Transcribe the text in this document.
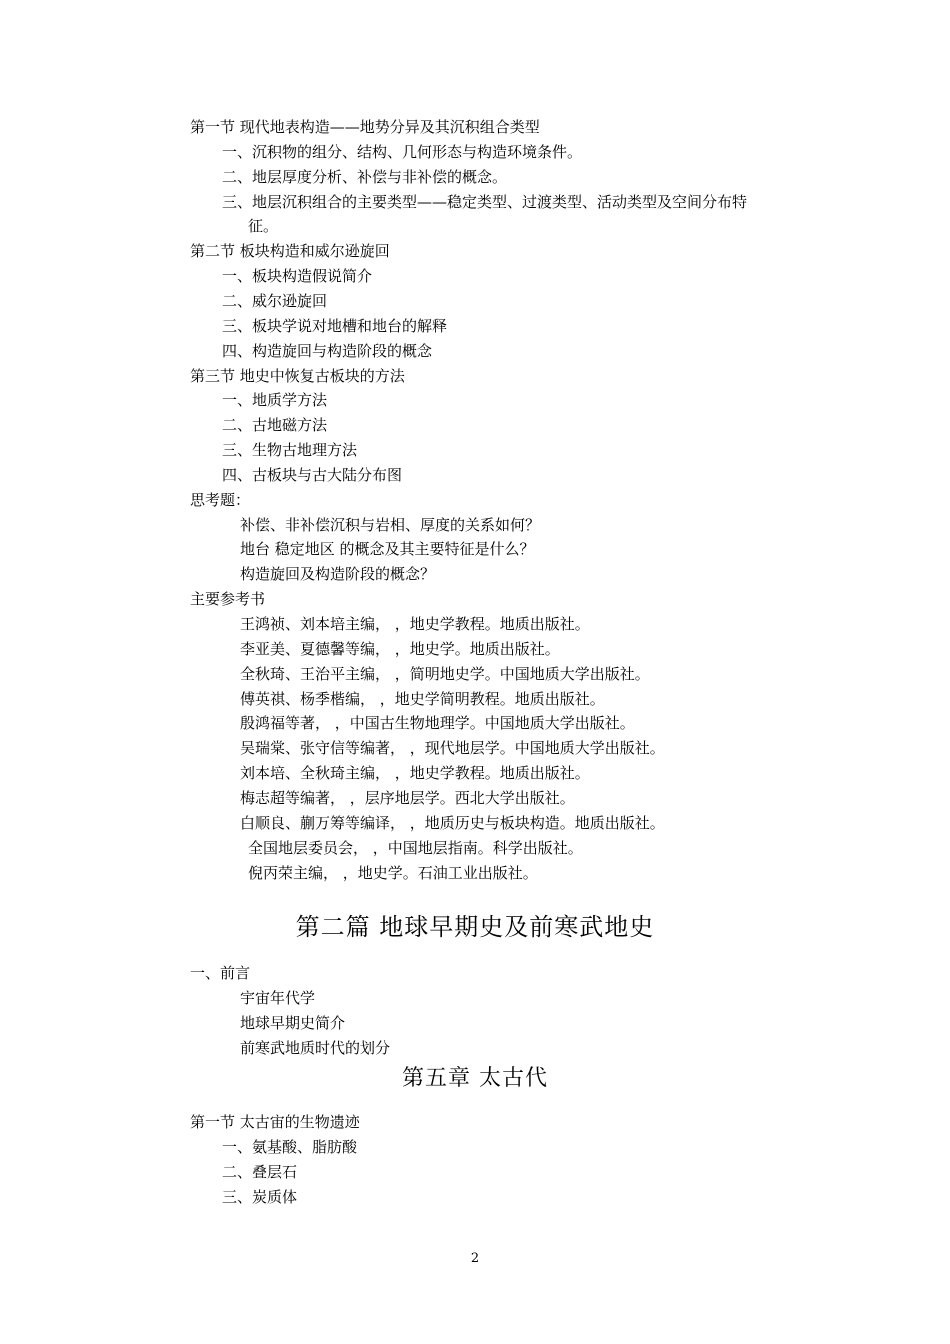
第一节 现代地表构造——地势分异及其沉积组合类型
一、沉积物的组分、结构、几何形态与构造环境条件。
二、地层厚度分析、补偿与非补偿的概念。
三、地层沉积组合的主要类型——稳定类型、过渡类型、活动类型及空间分布特
征。
第二节 板块构造和威尔逊旋回
一、板块构造假说简介
二、威尔逊旋回
三、板块学说对地槽和地台的解释
四、构造旋回与构造阶段的概念
第三节 地史中恢复古板块的方法
一、地质学方法
二、古地磁方法
三、生物古地理方法
四、古板块与古大陆分布图
思考题：
补偿、非补偿沉积与岩相、厚度的关系如何？
地台 稳定地区 的概念及其主要特征是什么？
构造旋回及构造阶段的概念？
主要参考书
王鸿祯、刘本培主编， ，地史学教程。地质出版社。
李亚美、夏德馨等编， ，地史学。地质出版社。
全秋琦、王治平主编， ，简明地史学。中国地质大学出版社。
傅英祺、杨季楷编， ，地史学简明教程。地质出版社。
殷鸿福等著， ，中国古生物地理学。中国地质大学出版社。
吴瑞棠、张守信等编著， ，现代地层学。中国地质大学出版社。
刘本培、全秋琦主编， ，地史学教程。地质出版社。
梅志超等编著， ，层序地层学。西北大学出版社。
白顺良、蒯万筹等编译， ，地质历史与板块构造。地质出版社。
全国地层委员会， ，中国地层指南。科学出版社。
倪丙荣主编， ，地史学。石油工业出版社。
第二篇 地球早期史及前寒武地史
一、前言
宇宙年代学
地球早期史简介
前寒武地质时代的划分
第五章 太古代
第一节 太古宙的生物遗迹
一、氨基酸、脂肪酸
二、叠层石
三、炭质体
2
